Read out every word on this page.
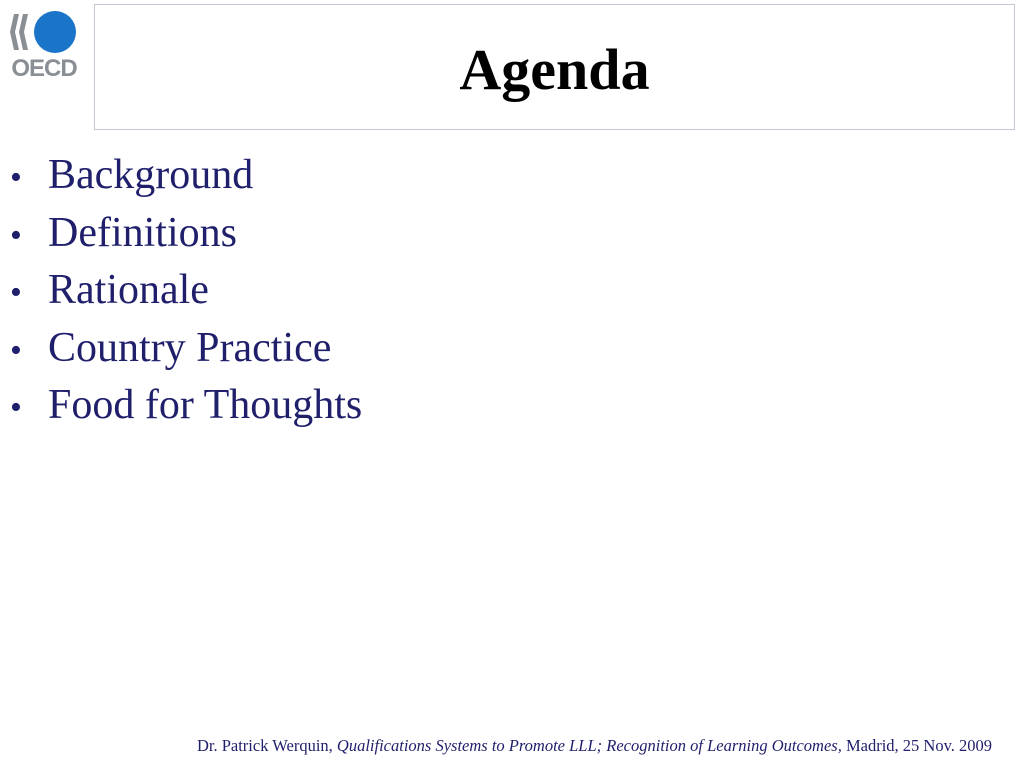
OECD	Agenda
• Background
• Definitions
• Rationale
• Country Practice
• Food for Thoughts
Dr. Patrick Werquin, Qualifications Systems to Promote LLL; Recognition of Learning Outcomes, Madrid, 25 Nov. 2009
